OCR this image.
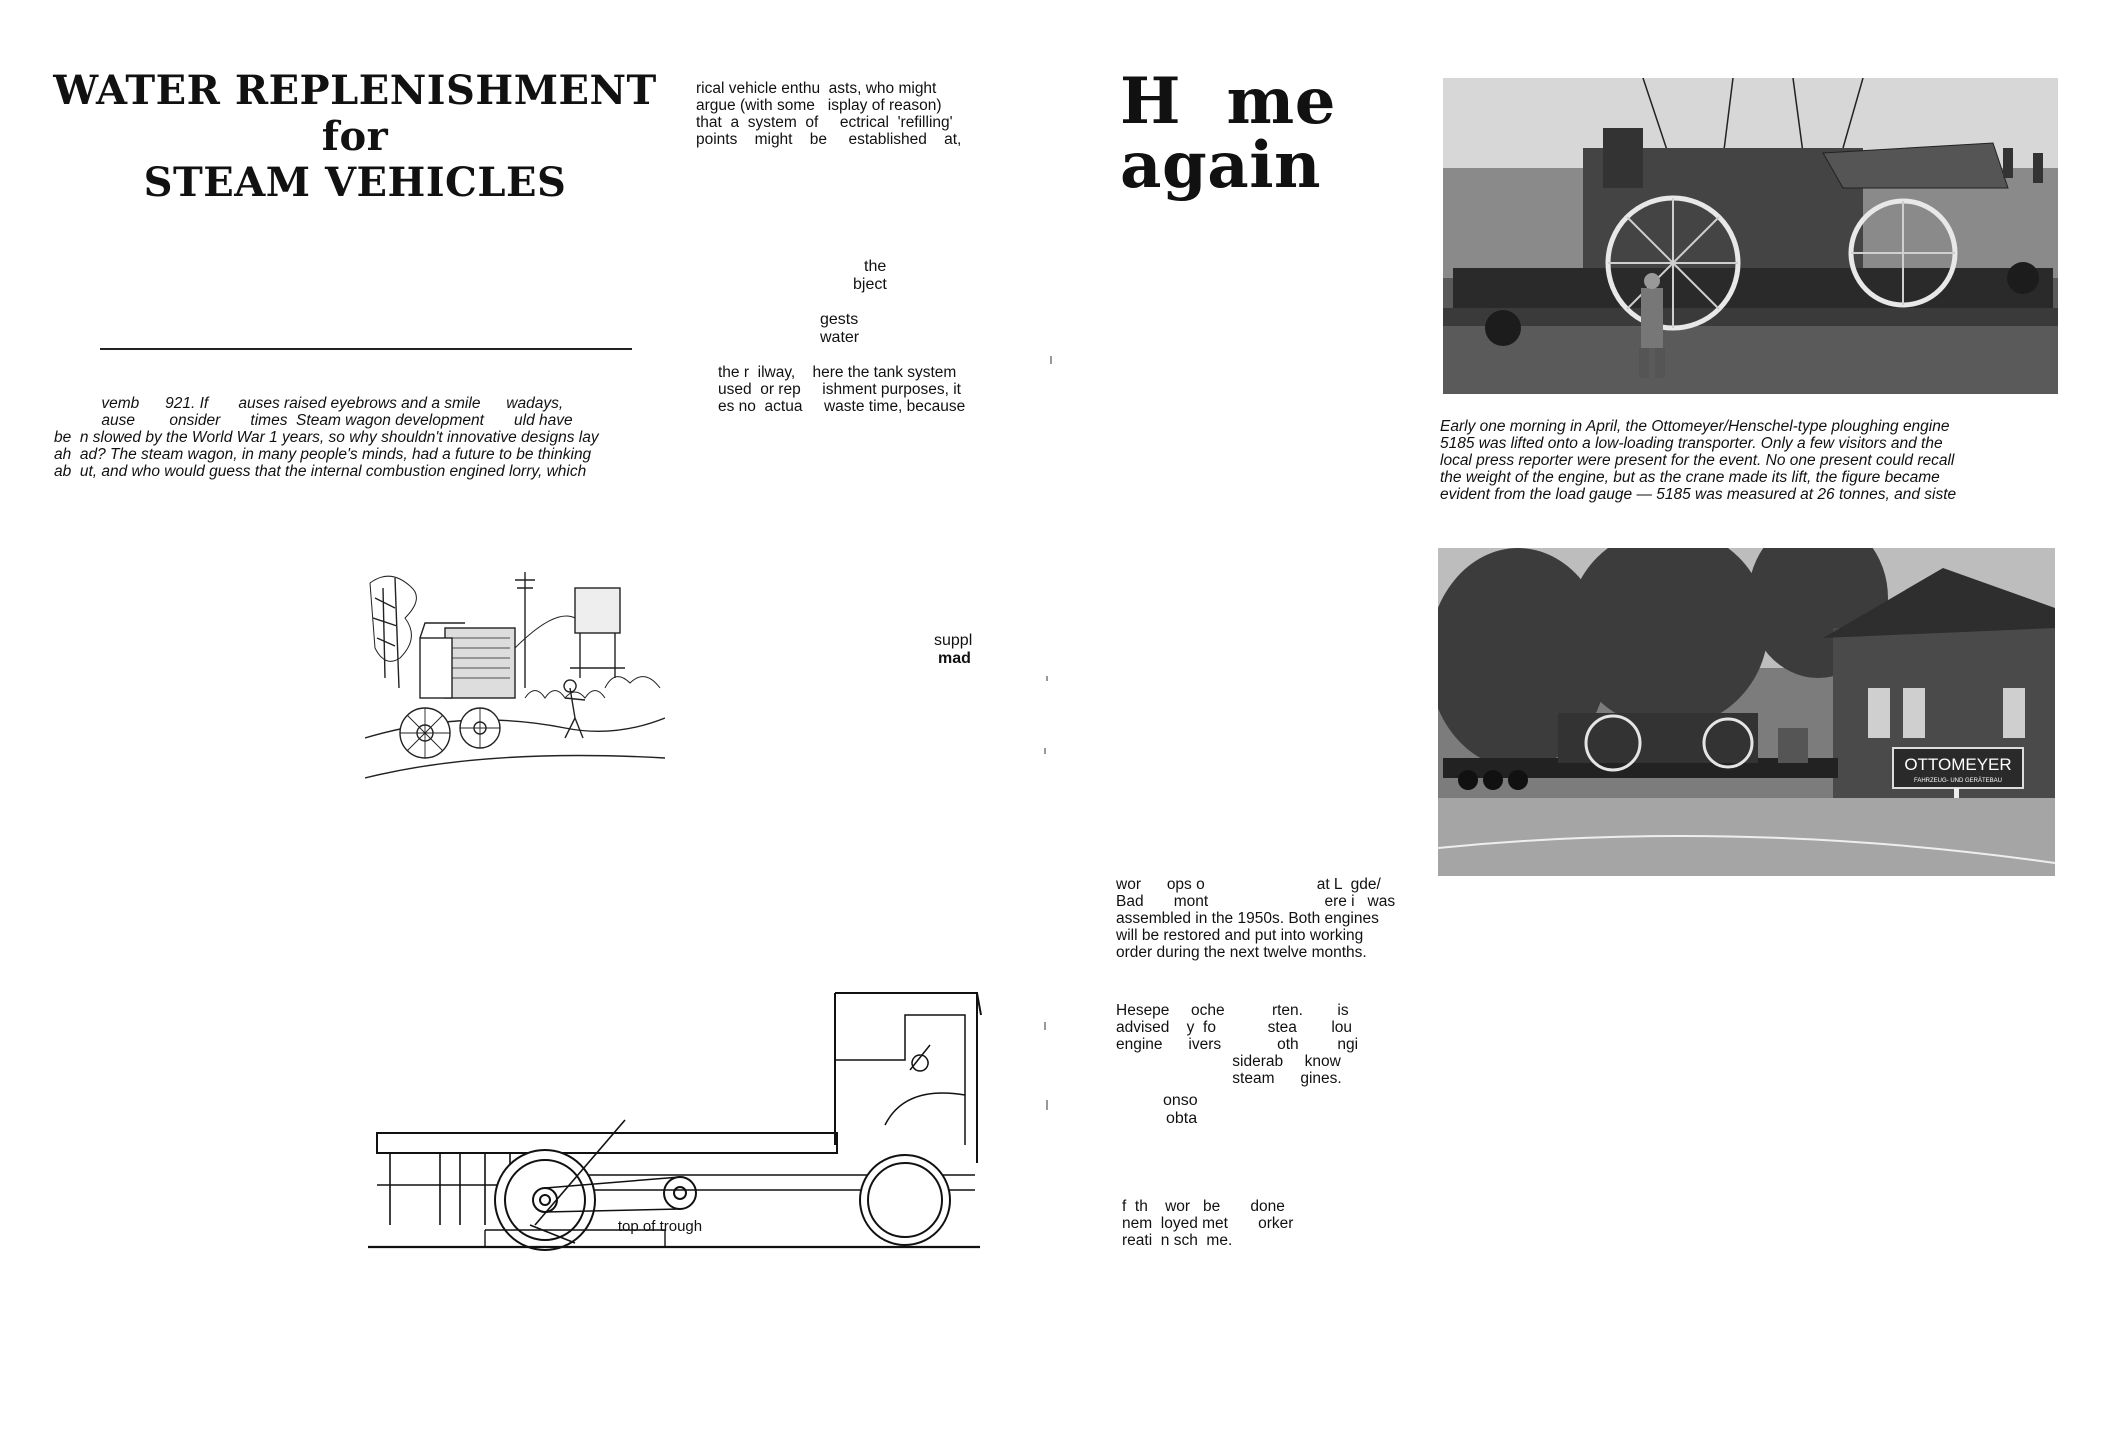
WATER REPLENISHMENT
for
STEAM VEHICLES
vemb      921. If       auses raised eyebrows and a smile      wadays,
ause        onsider       times  Steam wagon development       uld have
be  n slowed by the World War 1 years, so why shouldn't innovative designs lay
ah  ad? The steam wagon, in many people's minds, had a future to be thinking
ab  ut, and who would guess that the internal combustion engined lorry, which
rical vehicle enthu  asts, who might
argue (with some   isplay of reason)
that  a  system  of     ectrical  'refilling'
points    might    be     established    at,
the
bject
gests
water
the r  ilway,    here the tank system
used  or rep     ishment purposes, it
es no  actua     waste time, because
suppl
mad
top of trough
H  me
again
Early one morning in April, the Ottomeyer/Henschel-type ploughing engine
5185 was lifted onto a low-loading transporter. Only a few visitors and the
local press reporter were present for the event. No one present could recall
the weight of the engine, but as the crane made its lift, the figure became
evident from the load gauge — 5185 was measured at 26 tonnes, and siste
OTTOMEYER
FAHRZEUG- UND GERÄTEBAU
wor      ops o                          at L  gde/
Bad       mont                           ere i   was
assembled in the 1950s. Both engines
will be restored and put into working
order during the next twelve months.
Hesepe     oche           rten.        is
advised    y  fo            stea        lou
engine      ivers             oth         ngi
siderab     know
steam      gines.
onso
obta
f  th    wor   be       done
nem  loyed met       orker
reati  n sch  me.
